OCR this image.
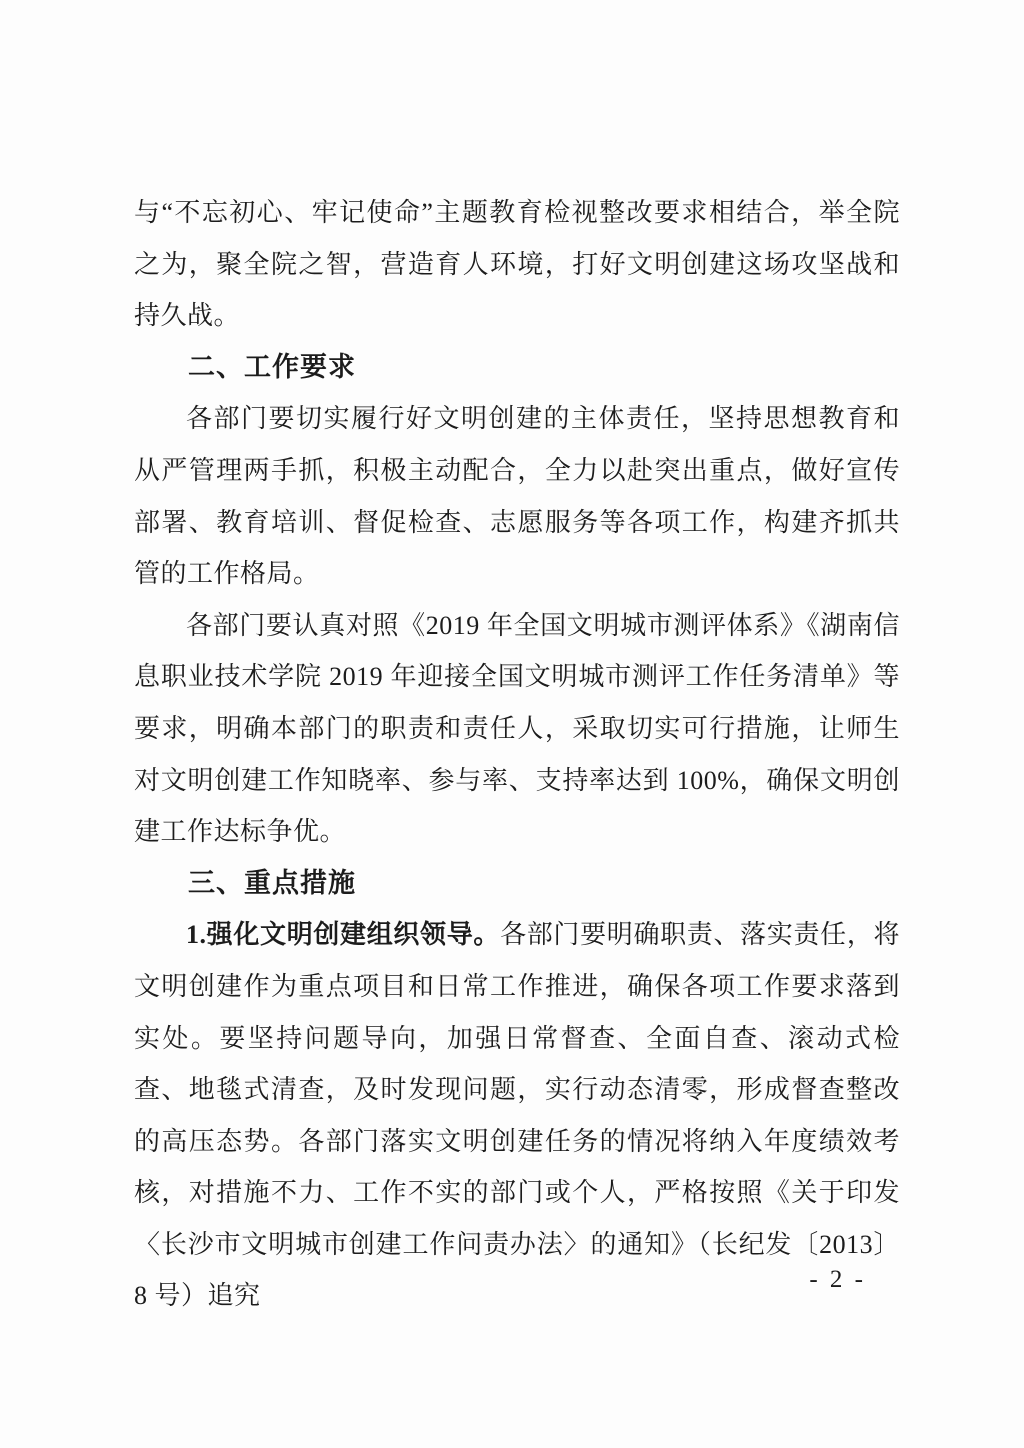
与“不忘初心、牢记使命”主题教育检视整改要求相结合，举全院之为，聚全院之智，营造育人环境，打好文明创建这场攻坚战和持久战。

二、工作要求

各部门要切实履行好文明创建的主体责任，坚持思想教育和从严管理两手抓，积极主动配合，全力以赴突出重点，做好宣传部署、教育培训、督促检查、志愿服务等各项工作，构建齐抓共管的工作格局。

各部门要认真对照《2019 年全国文明城市测评体系》《湖南信息职业技术学院 2019 年迎接全国文明城市测评工作任务清单》等要求，明确本部门的职责和责任人，采取切实可行措施，让师生对文明创建工作知晓率、参与率、支持率达到 100%，确保文明创建工作达标争优。

三、重点措施

1.强化文明创建组织领导。各部门要明确职责、落实责任，将文明创建作为重点项目和日常工作推进，确保各项工作要求落到实处。要坚持问题导向，加强日常督查、全面自查、滚动式检查、地毯式清查，及时发现问题，实行动态清零，形成督查整改的高压态势。各部门落实文明创建任务的情况将纳入年度绩效考核，对措施不力、工作不实的部门或个人，严格按照《关于印发〈长沙市文明城市创建工作问责办法〉的通知》（长纪发〔2013〕8 号）追究

- 2 -
